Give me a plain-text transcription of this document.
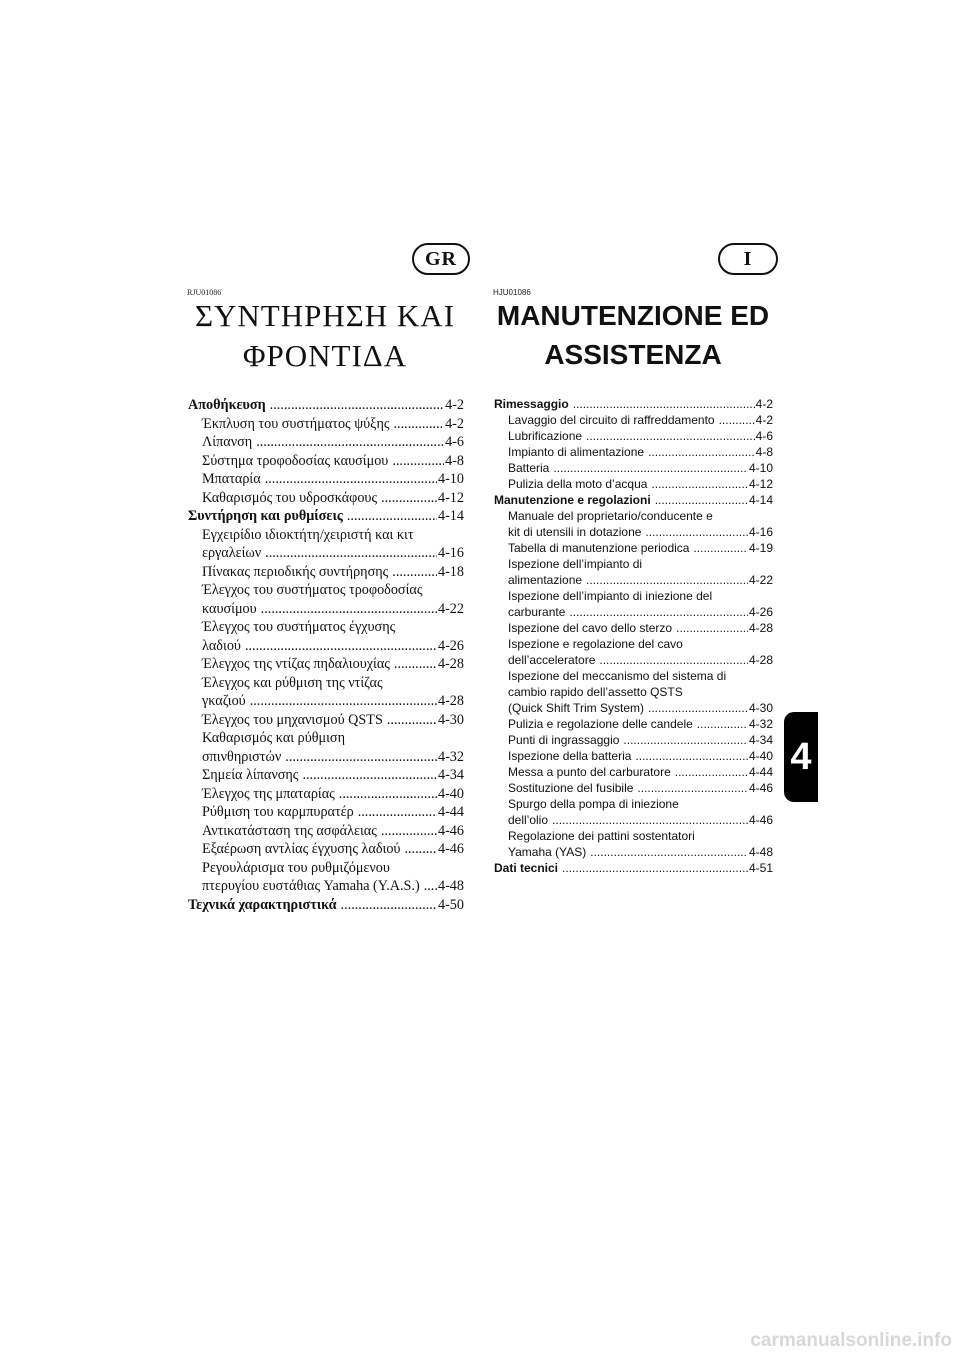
GR	I
RJU01086	HJU01086
ΣΥΝΤΗΡΗΣΗ ΚΑΙ
ΦΡΟΝΤΙΔΑ
MANUTENZIONE ED
ASSISTENZA
Αποθήκευση .....	4-2
Έκπλυση του συστήματος ψύξης .....	4-2
Λίπανση .....	4-6
Σύστημα τροφοδοσίας καυσίμου .....	4-8
Μπαταρία .....	4-10
Καθαρισμός του υδροσκάφους .....	4-12
Συντήρηση και ρυθμίσεις .....	4-14
Εγχειρίδιο ιδιοκτήτη/χειριστή και κιτ
εργαλείων .....	4-16
Πίνακας περιοδικής συντήρησης .....	4-18
Έλεγχος του συστήματος τροφοδοσίας
καυσίμου .....	4-22
Έλεγχος του συστήματος έγχυσης
λαδιού .....	4-26
Έλεγχος της ντίζας πηδαλιουχίας .....	4-28
Έλεγχος και ρύθμιση της ντίζας
γκαζιού .....	4-28
Έλεγχος του μηχανισμού QSTS .....	4-30
Καθαρισμός και ρύθμιση
σπινθηριστών .....	4-32
Σημεία λίπανσης .....	4-34
Έλεγχος της μπαταρίας .....	4-40
Ρύθμιση του καρμπυρατέρ .....	4-44
Αντικατάσταση της ασφάλειας .....	4-46
Εξαέρωση αντλίας έγχυσης λαδιού .....	4-46
Ρεγουλάρισμα του ρυθμιζόμενου
πτερυγίου ευστάθιας Yamaha (Y.A.S.) ..... 4-48
Τεχνικά χαρακτηριστικά .....	4-50
Rimessaggio .....	4-2
Lavaggio del circuito di raffreddamento .....	4-2
Lubrificazione .....	4-6
Impianto di alimentazione .....	4-8
Batteria .....	4-10
Pulizia della moto d’acqua .....	4-12
Manutenzione e regolazioni .....	4-14
Manuale del proprietario/conducente e
kit di utensili in dotazione .....	4-16
Tabella di manutenzione periodica .....	4-19
Ispezione dell’impianto di
alimentazione .....	4-22
Ispezione dell’impianto di iniezione del
carburante .....	4-26
Ispezione del cavo dello sterzo .....	4-28
Ispezione e regolazione del cavo
dell’acceleratore .....	4-28
Ispezione del meccanismo del sistema di
cambio rapido dell’assetto QSTS
(Quick Shift Trim System) .....	4-30
Pulizia e regolazione delle candele .....	4-32
Punti di ingrassaggio .....	4-34
Ispezione della batteria .....	4-40
Messa a punto del carburatore .....	4-44
Sostituzione del fusibile .....	4-46
Spurgo della pompa di iniezione
dell’olio .....	4-46
Regolazione dei pattini sostentatori
Yamaha (YAS) .....	4-48
Dati tecnici .....	4-51
4
carmanualsonline.info
